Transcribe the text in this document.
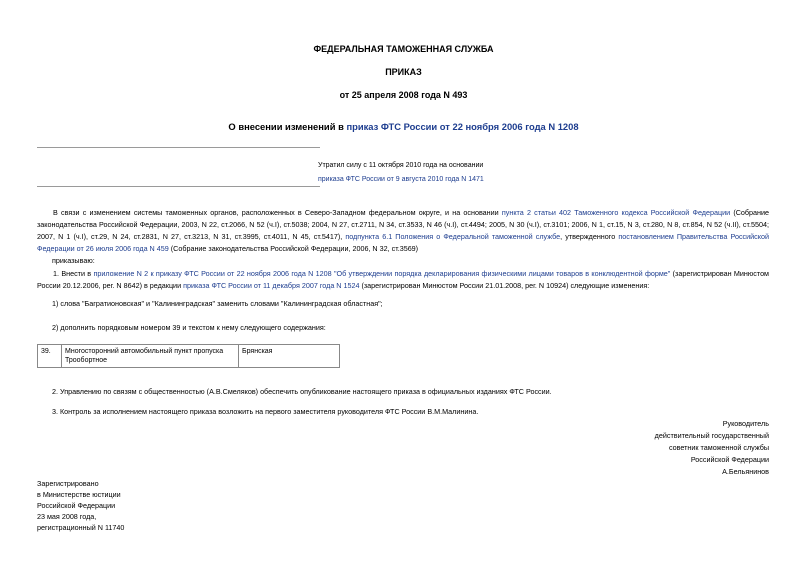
ФЕДЕРАЛЬНАЯ ТАМОЖЕННАЯ СЛУЖБА
ПРИКАЗ
от 25 апреля 2008 года N 493
О внесении изменений в приказ ФТС России от 22 ноября 2006 года N 1208
Утратил силу с 11 октября 2010 года на основании
приказа ФТС России от 9 августа 2010 года N 1471
В связи с изменением системы таможенных органов, расположенных в Северо-Западном федеральном округе, и на основании пункта 2 статьи 402 Таможенного кодекса Российской Федерации (Собрание законодательства Российской Федерации, 2003, N 22, ст.2066, N 52 (ч.I), ст.5038; 2004, N 27, ст.2711, N 34, ст.3533, N 46 (ч.I), ст.4494; 2005, N 30 (ч.I), ст.3101; 2006, N 1, ст.15, N 3, ст.280, N 8, ст.854, N 52 (ч.II), ст.5504; 2007, N 1 (ч.I), ст.29, N 24, ст.2831, N 27, ст.3213, N 31, ст.3995, ст.4011, N 45, ст.5417), подпункта 6.1 Положения о Федеральной таможенной службе, утвержденного постановлением Правительства Российской Федерации от 26 июля 2006 года N 459 (Собрание законодательства Российской Федерации, 2006, N 32, ст.3569)
приказываю:
1. Внести в приложение N 2 к приказу ФТС России от 22 ноября 2006 года N 1208 "Об утверждении порядка декларирования физическими лицами товаров в конклюдентной форме" (зарегистрирован Минюстом России 20.12.2006, рег. N 8642) в редакции приказа ФТС России от 11 декабря 2007 года N 1524 (зарегистрирован Минюстом России 21.01.2008, рег. N 10924) следующие изменения:
1) слова "Багратионовская" и "Калининградская" заменить словами "Калининградская областная";
2) дополнить порядковым номером 39 и текстом к нему следующего содержания:
39.	Многосторонний автомобильный пункт пропуска Трообортное	Брянская
2. Управлению по связям с общественностью (А.В.Смеляков) обеспечить опубликование настоящего приказа в официальных изданиях ФТС России.
3. Контроль за исполнением настоящего приказа возложить на первого заместителя руководителя ФТС России В.М.Малинина.
Руководитель
действительный государственный
советник таможенной службы
Российской Федерации
А.Бельянинов
Зарегистрировано
в Министерстве юстиции
Российской Федерации
23 мая 2008 года,
регистрационный N 11740
